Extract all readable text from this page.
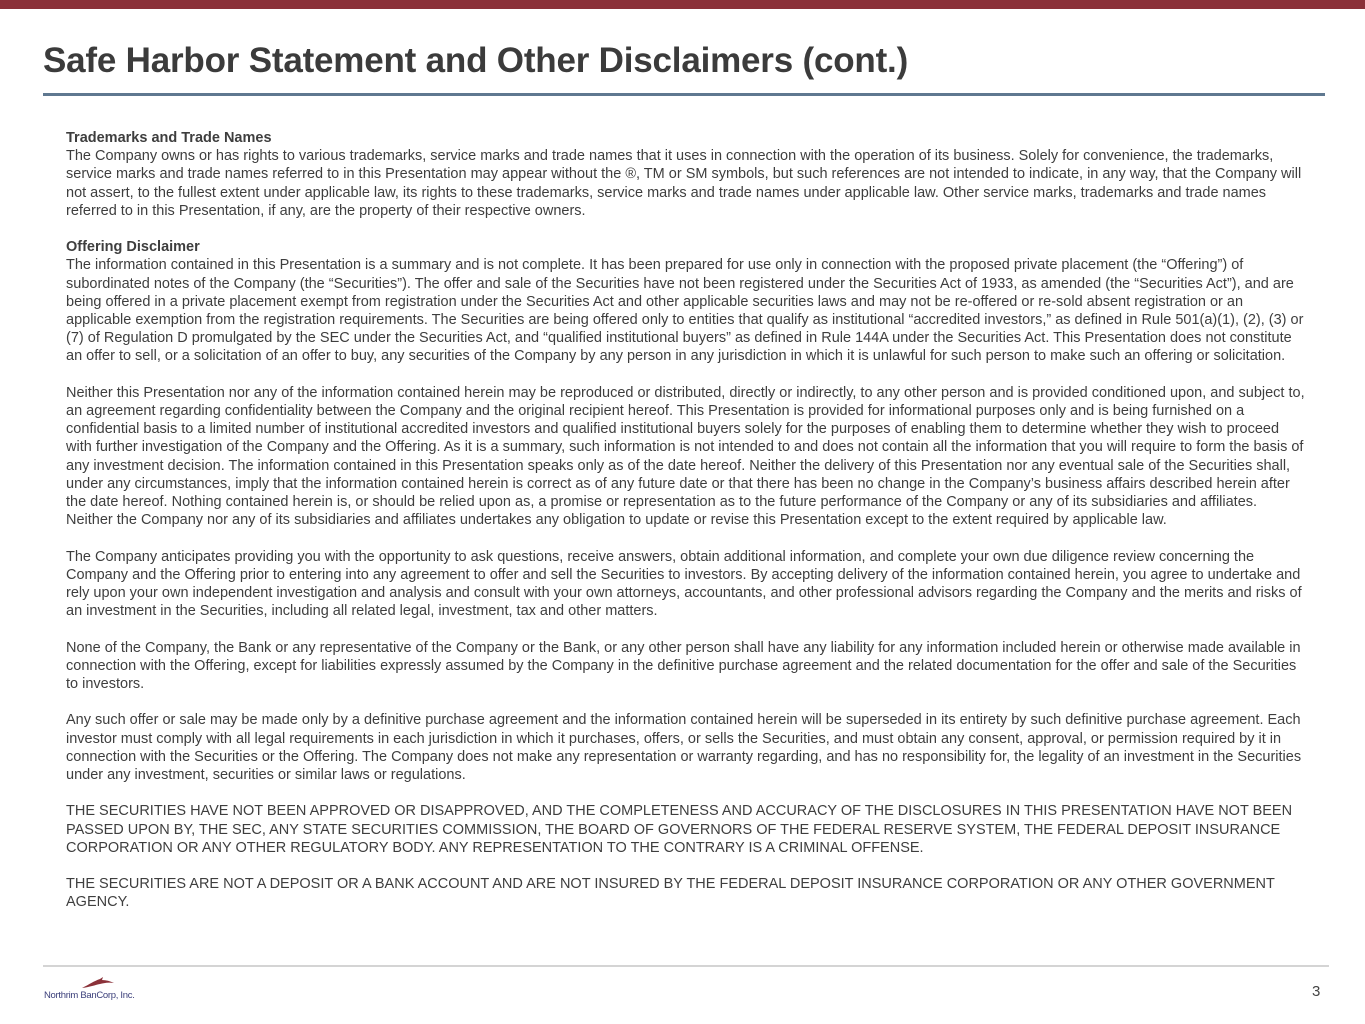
Safe Harbor Statement and Other Disclaimers (cont.)

Trademarks and Trade Names

The Company owns or has rights to various trademarks, service marks and trade names that it uses in connection with the operation of its business. Solely for convenience, the trademarks, service marks and trade names referred to in this Presentation may appear without the ®, TM or SM symbols, but such references are not intended to indicate, in any way, that the Company will not assert, to the fullest extent under applicable law, its rights to these trademarks, service marks and trade names under applicable law. Other service marks, trademarks and trade names referred to in this Presentation, if any, are the property of their respective owners.

Offering Disclaimer

The information contained in this Presentation is a summary and is not complete. It has been prepared for use only in connection with the proposed private placement (the “Offering”) of subordinated notes of the Company (the “Securities”). The offer and sale of the Securities have not been registered under the Securities Act of 1933, as amended (the “Securities Act”), and are being offered in a private placement exempt from registration under the Securities Act and other applicable securities laws and may not be re-offered or re-sold absent registration or an applicable exemption from the registration requirements. The Securities are being offered only to entities that qualify as institutional “accredited investors,” as defined in Rule 501(a)(1), (2), (3) or (7) of Regulation D promulgated by the SEC under the Securities Act, and “qualified institutional buyers” as defined in Rule 144A under the Securities Act. This Presentation does not constitute an offer to sell, or a solicitation of an offer to buy, any securities of the Company by any person in any jurisdiction in which it is unlawful for such person to make such an offering or solicitation.

Neither this Presentation nor any of the information contained herein may be reproduced or distributed, directly or indirectly, to any other person and is provided conditioned upon, and subject to, an agreement regarding confidentiality between the Company and the original recipient hereof. This Presentation is provided for informational purposes only and is being furnished on a confidential basis to a limited number of institutional accredited investors and qualified institutional buyers solely for the purposes of enabling them to determine whether they wish to proceed with further investigation of the Company and the Offering. As it is a summary, such information is not intended to and does not contain all the information that you will require to form the basis of any investment decision. The information contained in this Presentation speaks only as of the date hereof. Neither the delivery of this Presentation nor any eventual sale of the Securities shall, under any circumstances, imply that the information contained herein is correct as of any future date or that there has been no change in the Company’s business affairs described herein after the date hereof. Nothing contained herein is, or should be relied upon as, a promise or representation as to the future performance of the Company or any of its subsidiaries and affiliates. Neither the Company nor any of its subsidiaries and affiliates undertakes any obligation to update or revise this Presentation except to the extent required by applicable law.

The Company anticipates providing you with the opportunity to ask questions, receive answers, obtain additional information, and complete your own due diligence review concerning the Company and the Offering prior to entering into any agreement to offer and sell the Securities to investors. By accepting delivery of the information contained herein, you agree to undertake and rely upon your own independent investigation and analysis and consult with your own attorneys, accountants, and other professional advisors regarding the Company and the merits and risks of an investment in the Securities, including all related legal, investment, tax and other matters.

None of the Company, the Bank or any representative of the Company or the Bank, or any other person shall have any liability for any information included herein or otherwise made available in connection with the Offering, except for liabilities expressly assumed by the Company in the definitive purchase agreement and the related documentation for the offer and sale of the Securities to investors.

Any such offer or sale may be made only by a definitive purchase agreement and the information contained herein will be superseded in its entirety by such definitive purchase agreement. Each investor must comply with all legal requirements in each jurisdiction in which it purchases, offers, or sells the Securities, and must obtain any consent, approval, or permission required by it in connection with the Securities or the Offering. The Company does not make any representation or warranty regarding, and has no responsibility for, the legality of an investment in the Securities under any investment, securities or similar laws or regulations.

THE SECURITIES HAVE NOT BEEN APPROVED OR DISAPPROVED, AND THE COMPLETENESS AND ACCURACY OF THE DISCLOSURES IN THIS PRESENTATION HAVE NOT BEEN PASSED UPON BY, THE SEC, ANY STATE SECURITIES COMMISSION, THE BOARD OF GOVERNORS OF THE FEDERAL RESERVE SYSTEM, THE FEDERAL DEPOSIT INSURANCE CORPORATION OR ANY OTHER REGULATORY BODY. ANY REPRESENTATION TO THE CONTRARY IS A CRIMINAL OFFENSE.

THE SECURITIES ARE NOT A DEPOSIT OR A BANK ACCOUNT AND ARE NOT INSURED BY THE FEDERAL DEPOSIT INSURANCE CORPORATION OR ANY OTHER GOVERNMENT AGENCY.

Northrim BanCorp, Inc.	3
